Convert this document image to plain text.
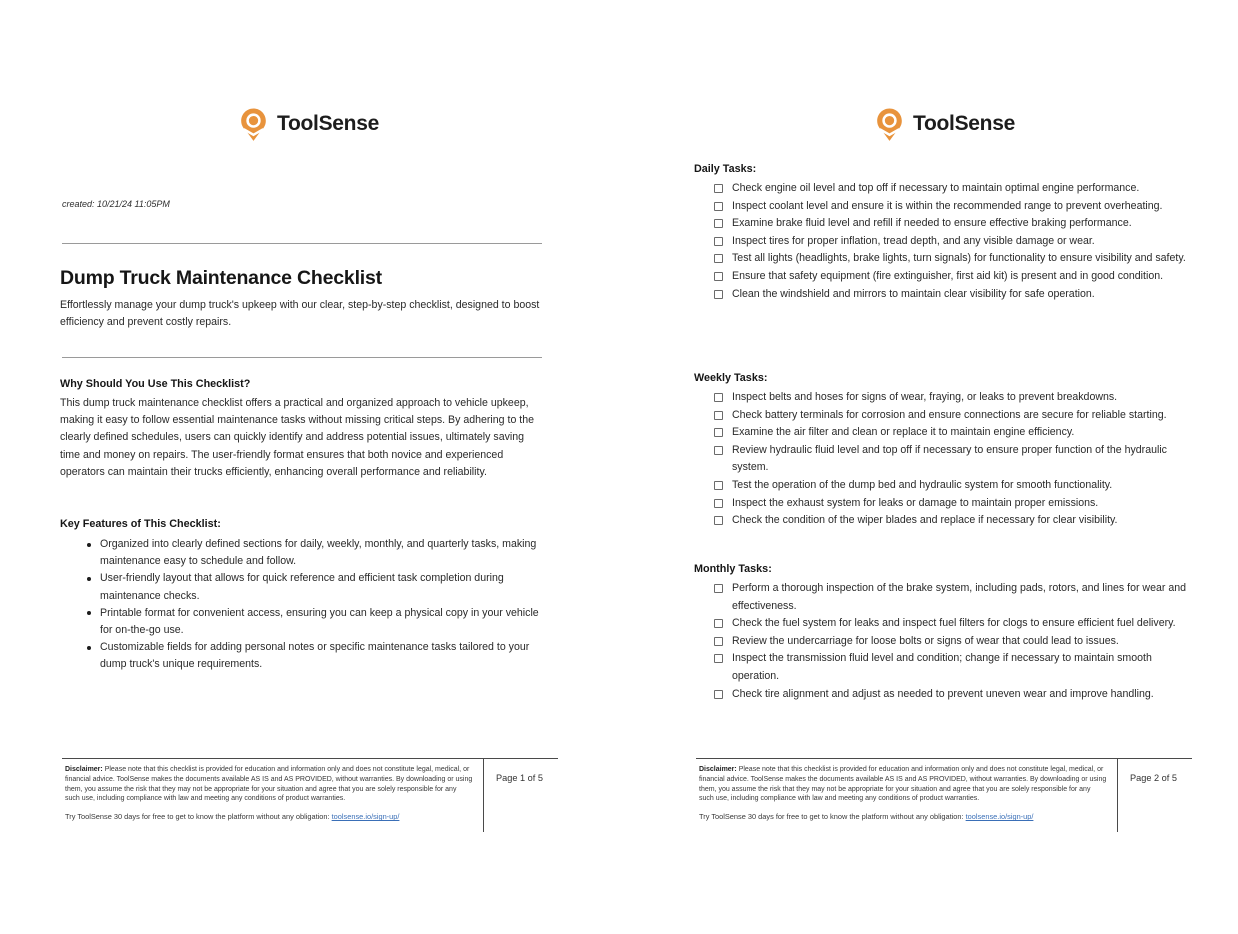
ToolSense
created: 10/21/24 11:05PM
Dump Truck Maintenance Checklist

Effortlessly manage your dump truck's upkeep with our clear, step-by-step checklist, designed to boost efficiency and prevent costly repairs.

Why Should You Use This Checklist?
This dump truck maintenance checklist offers a practical and organized approach to vehicle upkeep, making it easy to follow essential maintenance tasks without missing critical steps. By adhering to the clearly defined schedules, users can quickly identify and address potential issues, ultimately saving time and money on repairs. The user-friendly format ensures that both novice and experienced operators can maintain their trucks efficiently, enhancing overall performance and reliability.
Key Features of This Checklist:
Organized into clearly defined sections for daily, weekly, monthly, and quarterly tasks, making maintenance easy to schedule and follow.
User-friendly layout that allows for quick reference and efficient task completion during maintenance checks.
Printable format for convenient access, ensuring you can keep a physical copy in your vehicle for on-the-go use.
Customizable fields for adding personal notes or specific maintenance tasks tailored to your dump truck's unique requirements.
Disclaimer: Please note that this checklist is provided for education and information only and does not constitute legal, medical, or financial advice. ToolSense makes the documents available AS IS and AS PROVIDED, without warranties. By downloading or using them, you assume the risk that they may not be appropriate for your situation and agree that you are solely responsible for any such use, including compliance with law and meeting any conditions of product warranties.
Try ToolSense 30 days for free to get to know the platform without any obligation: toolsense.io/sign-up/
Page 1 of 5
ToolSense
Daily Tasks:
Check engine oil level and top off if necessary to maintain optimal engine performance.
Inspect coolant level and ensure it is within the recommended range to prevent overheating.
Examine brake fluid level and refill if needed to ensure effective braking performance.
Inspect tires for proper inflation, tread depth, and any visible damage or wear.
Test all lights (headlights, brake lights, turn signals) for functionality to ensure visibility and safety.
Ensure that safety equipment (fire extinguisher, first aid kit) is present and in good condition.
Clean the windshield and mirrors to maintain clear visibility for safe operation.
Weekly Tasks:
Inspect belts and hoses for signs of wear, fraying, or leaks to prevent breakdowns.
Check battery terminals for corrosion and ensure connections are secure for reliable starting.
Examine the air filter and clean or replace it to maintain engine efficiency.
Review hydraulic fluid level and top off if necessary to ensure proper function of the hydraulic system.
Test the operation of the dump bed and hydraulic system for smooth functionality.
Inspect the exhaust system for leaks or damage to maintain proper emissions.
Check the condition of the wiper blades and replace if necessary for clear visibility.
Monthly Tasks:
Perform a thorough inspection of the brake system, including pads, rotors, and lines for wear and effectiveness.
Check the fuel system for leaks and inspect fuel filters for clogs to ensure efficient fuel delivery.
Review the undercarriage for loose bolts or signs of wear that could lead to issues.
Inspect the transmission fluid level and condition; change if necessary to maintain smooth operation.
Check tire alignment and adjust as needed to prevent uneven wear and improve handling.
Disclaimer: Please note that this checklist is provided for education and information only and does not constitute legal, medical, or financial advice. ToolSense makes the documents available AS IS and AS PROVIDED, without warranties. By downloading or using them, you assume the risk that they may not be appropriate for your situation and agree that you are solely responsible for any such use, including compliance with law and meeting any conditions of product warranties.
Try ToolSense 30 days for free to get to know the platform without any obligation: toolsense.io/sign-up/
Page 2 of 5
